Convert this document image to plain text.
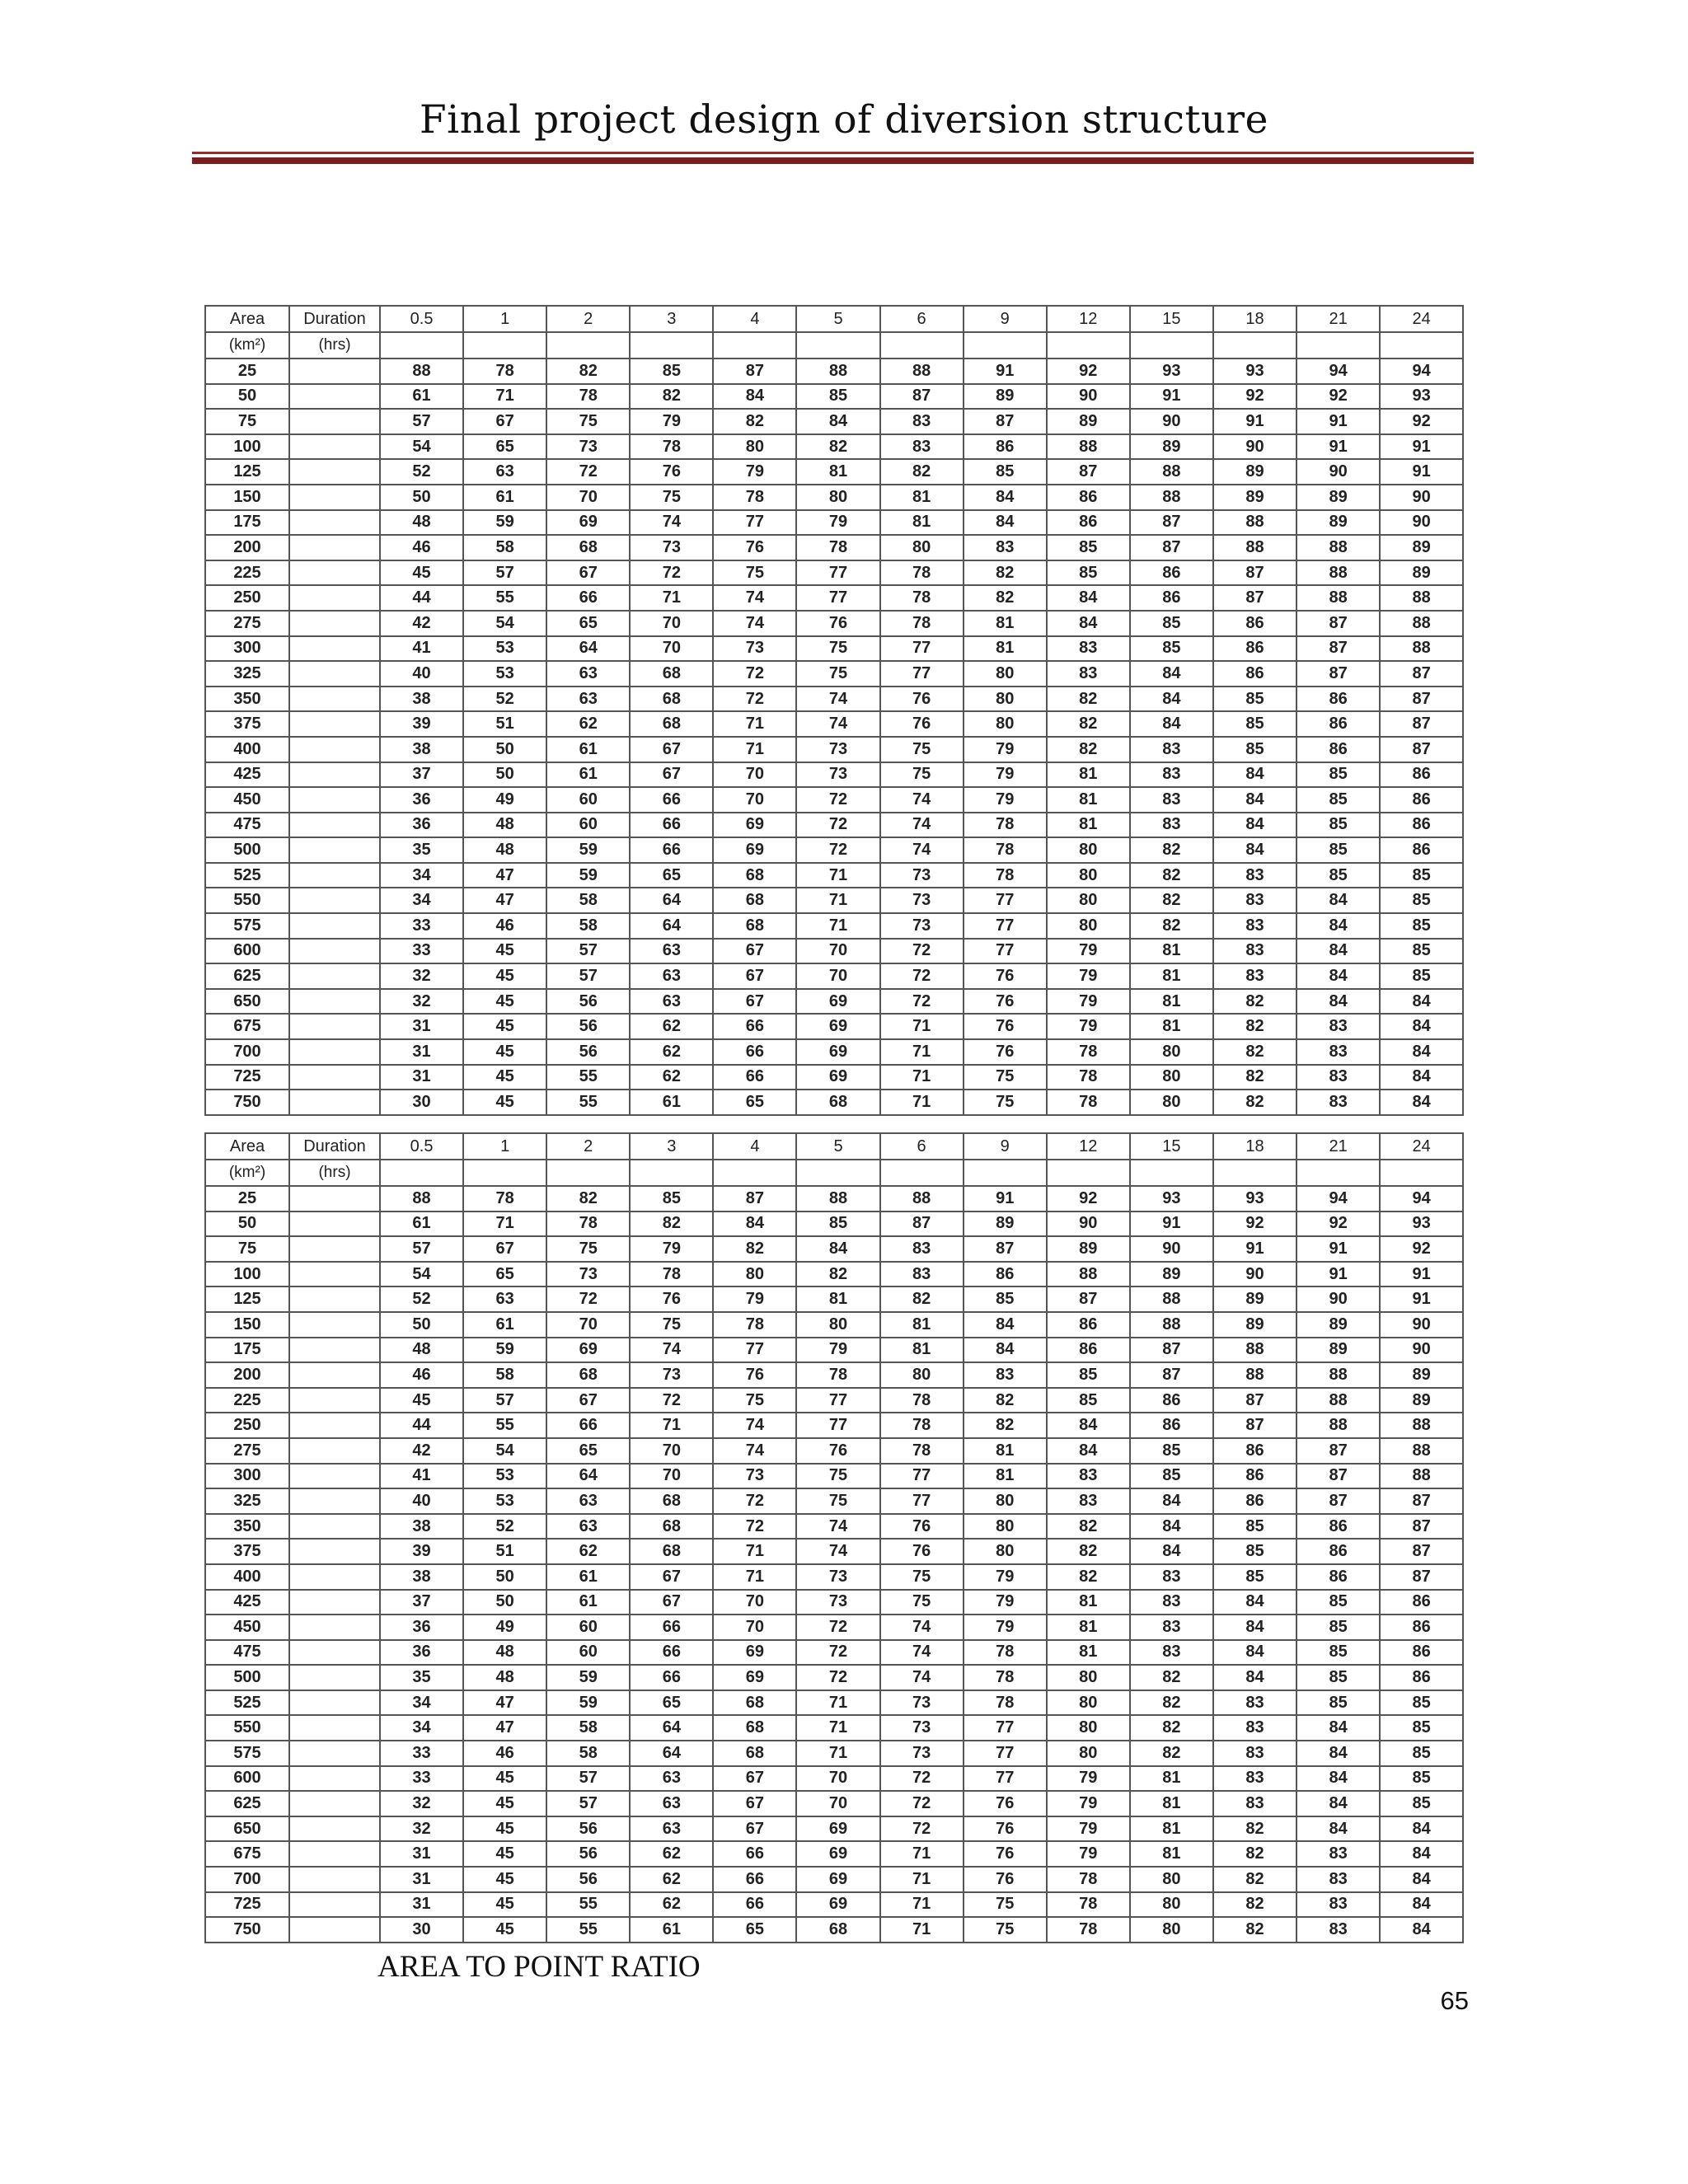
Final project design of diversion structure
Area	Duration	0.5	1	2	3	4	5	6	9	12	15	18	21	24
(km²)	(hrs)													
25		88	78	82	85	87	88	88	91	92	93	93	94	94
50		61	71	78	82	84	85	87	89	90	91	92	92	93
75		57	67	75	79	82	84	83	87	89	90	91	91	92
100		54	65	73	78	80	82	83	86	88	89	90	91	91
125		52	63	72	76	79	81	82	85	87	88	89	90	91
150		50	61	70	75	78	80	81	84	86	88	89	89	90
175		48	59	69	74	77	79	81	84	86	87	88	89	90
200		46	58	68	73	76	78	80	83	85	87	88	88	89
225		45	57	67	72	75	77	78	82	85	86	87	88	89
250		44	55	66	71	74	77	78	82	84	86	87	88	88
275		42	54	65	70	74	76	78	81	84	85	86	87	88
300		41	53	64	70	73	75	77	81	83	85	86	87	88
325		40	53	63	68	72	75	77	80	83	84	86	87	87
350		38	52	63	68	72	74	76	80	82	84	85	86	87
375		39	51	62	68	71	74	76	80	82	84	85	86	87
400		38	50	61	67	71	73	75	79	82	83	85	86	87
425		37	50	61	67	70	73	75	79	81	83	84	85	86
450		36	49	60	66	70	72	74	79	81	83	84	85	86
475		36	48	60	66	69	72	74	78	81	83	84	85	86
500		35	48	59	66	69	72	74	78	80	82	84	85	86
525		34	47	59	65	68	71	73	78	80	82	83	85	85
550		34	47	58	64	68	71	73	77	80	82	83	84	85
575		33	46	58	64	68	71	73	77	80	82	83	84	85
600		33	45	57	63	67	70	72	77	79	81	83	84	85
625		32	45	57	63	67	70	72	76	79	81	83	84	85
650		32	45	56	63	67	69	72	76	79	81	82	84	84
675		31	45	56	62	66	69	71	76	79	81	82	83	84
700		31	45	56	62	66	69	71	76	78	80	82	83	84
725		31	45	55	62	66	69	71	75	78	80	82	83	84
750		30	45	55	61	65	68	71	75	78	80	82	83	84
Area	Duration	0.5	1	2	3	4	5	6	9	12	15	18	21	24
(km²)	(hrs)													
25		88	78	82	85	87	88	88	91	92	93	93	94	94
50		61	71	78	82	84	85	87	89	90	91	92	92	93
75		57	67	75	79	82	84	83	87	89	90	91	91	92
100		54	65	73	78	80	82	83	86	88	89	90	91	91
125		52	63	72	76	79	81	82	85	87	88	89	90	91
150		50	61	70	75	78	80	81	84	86	88	89	89	90
175		48	59	69	74	77	79	81	84	86	87	88	89	90
200		46	58	68	73	76	78	80	83	85	87	88	88	89
225		45	57	67	72	75	77	78	82	85	86	87	88	89
250		44	55	66	71	74	77	78	82	84	86	87	88	88
275		42	54	65	70	74	76	78	81	84	85	86	87	88
300		41	53	64	70	73	75	77	81	83	85	86	87	88
325		40	53	63	68	72	75	77	80	83	84	86	87	87
350		38	52	63	68	72	74	76	80	82	84	85	86	87
375		39	51	62	68	71	74	76	80	82	84	85	86	87
400		38	50	61	67	71	73	75	79	82	83	85	86	87
425		37	50	61	67	70	73	75	79	81	83	84	85	86
450		36	49	60	66	70	72	74	79	81	83	84	85	86
475		36	48	60	66	69	72	74	78	81	83	84	85	86
500		35	48	59	66	69	72	74	78	80	82	84	85	86
525		34	47	59	65	68	71	73	78	80	82	83	85	85
550		34	47	58	64	68	71	73	77	80	82	83	84	85
575		33	46	58	64	68	71	73	77	80	82	83	84	85
600		33	45	57	63	67	70	72	77	79	81	83	84	85
625		32	45	57	63	67	70	72	76	79	81	83	84	85
650		32	45	56	63	67	69	72	76	79	81	82	84	84
675		31	45	56	62	66	69	71	76	79	81	82	83	84
700		31	45	56	62	66	69	71	76	78	80	82	83	84
725		31	45	55	62	66	69	71	75	78	80	82	83	84
750		30	45	55	61	65	68	71	75	78	80	82	83	84
AREA TO POINT RATIO
65
